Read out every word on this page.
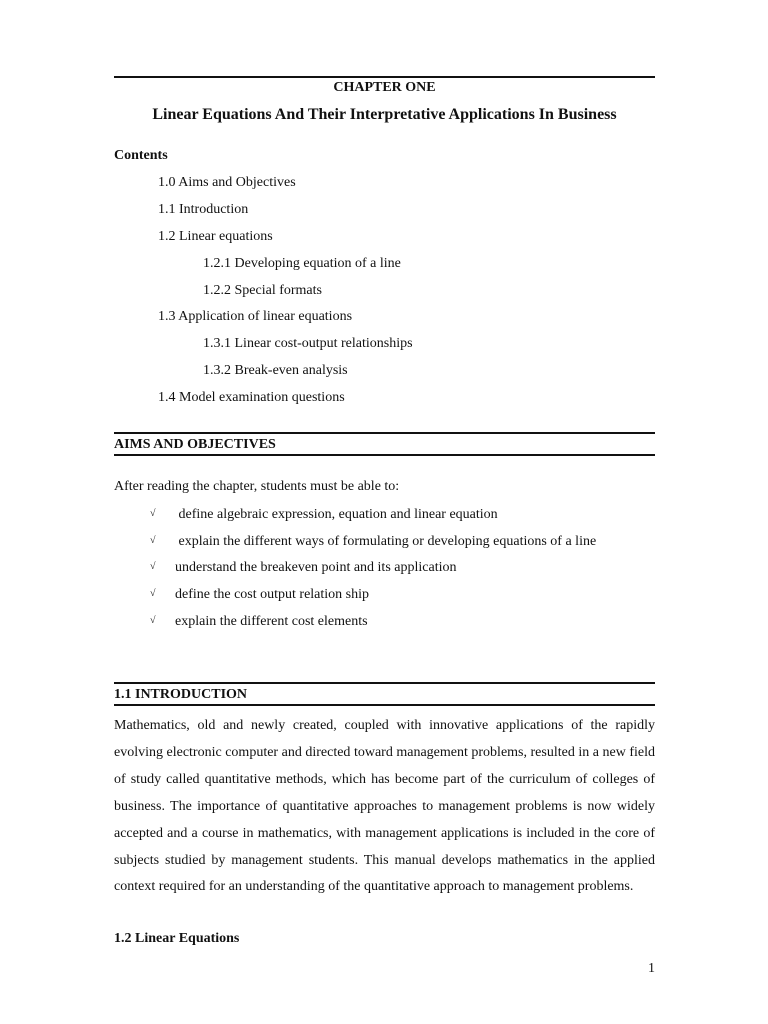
CHAPTER ONE
Linear Equations And Their Interpretative Applications In Business
Contents
1.0 Aims and Objectives
1.1 Introduction
1.2 Linear equations
1.2.1 Developing equation of a line
1.2.2 Special formats
1.3 Application of linear equations
1.3.1 Linear cost-output relationships
1.3.2 Break-even analysis
1.4 Model examination questions
AIMS AND OBJECTIVES
After reading the chapter, students must be able to:
√ define algebraic expression, equation and linear equation
√ explain the different ways of formulating or developing equations of a line
√ understand the breakeven point and its application
√ define the cost output relation ship
√ explain the different cost elements
1.1 INTRODUCTION
Mathematics, old and newly created, coupled with innovative applications of the rapidly evolving electronic computer and directed toward management problems, resulted in a new field of study called quantitative methods, which has become part of the curriculum of colleges of business. The importance of quantitative approaches to management problems is now widely accepted and a course in mathematics, with management applications is included in the core of subjects studied by management students. This manual develops mathematics in the applied context required for an understanding of the quantitative approach to management problems.
1.2 Linear Equations
1
